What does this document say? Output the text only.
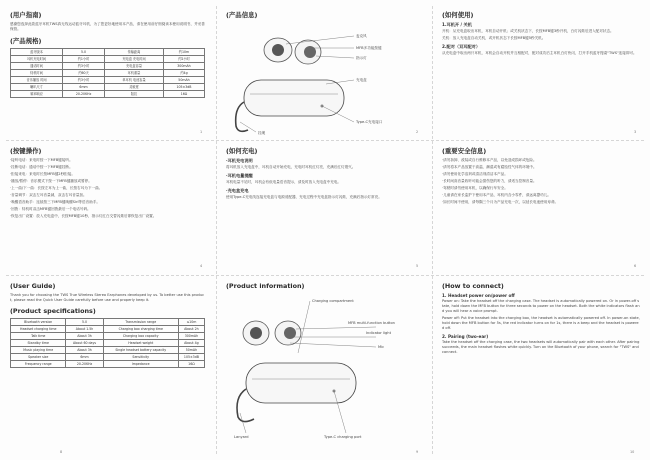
(用户指南)
感谢您选择此款蓝牙耳机TWS真无线运动蓝牙耳机，为了您更好地使用本产品，请在使用前仔细阅读本使用说明书，并妥善保管。
(产品规格)
蓝牙版本	5.0	传输距离	约10m
耳机充电时间	约1小时	充电盒 充电时间	约2小时
通话时间	约3小时	充电盒容量	300mAh
待机时间	约60天	耳机重量	约4g
音乐播放 时间	约3小时	单耳机 电池容量	50mAh
喇叭尺寸	6mm	灵敏度	105±3dB
频率响应	20-20KHz	阻抗	16Ω
1
(产品信息)
麦克风
MFB多功能按键
指示灯
充电盒
Type-C充电接口
挂绳	2
(如何使用)
1.耳机开 / 关机
开机：从充电盒取出耳机，耳机自动开机；或关机状态下，长按MFB键3秒开机，白灯闪烁后进入配对状态。
关机：放入充电盒自动关机，或开机状态下长按MFB键5秒关机。
2.配对（双耳配对）
从充电盒中取出两只耳机，耳机会自动开机并互相配对，配对成功后主耳机白灯快闪，打开手机蓝牙搜索"TWS"连接即可。
3
(按键操作)
·接听电话：来电时按一下MFB键接听。
·挂断电话：通话中按一下MFB键挂断。
·拒接来电：来电时长按MFB键2秒拒接。
·播放/暂停：音乐模式下按一下MFB键播放或暂停。
·上一曲/下一曲：长按左耳为上一曲，长按右耳为下一曲。
·音量调节：双击左耳音量减，双击右耳音量加。
·唤醒语音助手：连续按三下MFB键唤醒Siri等语音助手。
·回拨：待机时双击MFB键回拨最后一个电话号码。
·恢复出厂设置：放入充电盒中，长按MFB键10秒，指示灯红白交替闪烁后即恢复出厂设置。
4
(如何充电)
·耳机充电说明
将耳机放入充电盒中，耳机自动开始充电，充电时耳机红灯亮，充满后红灯熄灭。
·耳机电量提醒
耳机电量不足时，耳机会有低电量语音提示，请及时放入充电盒中充电。
·充电盒充电
使用Type-C充电线连接充电盒与电源适配器，充电过程中充电盒指示灯闪烁，充满后指示灯常亮。
5
(重要安全信息)
·请勿拆卸、改装或自行维修本产品，以免造成损坏或危险。
·请勿将本产品放置于高温、潮湿或有腐蚀性气体的环境中。
·请勿使用化学溶剂或清洁剂清洁本产品。
·长时间高音量收听可能会损伤您的听力，请适当控制音量。
·驾驶时请勿使用耳机，以确保行车安全。
·儿童请在家长监护下使用本产品，耳机内含小零件，请远离婴幼儿。
·如长时间不使用，请每隔三个月为产品充电一次，以延长电池使用寿命。
6
(User Guide)
Thank you for choosing the TWS True Wireless Stereo Earphones developed by us. To better use this product, please read the Quick User Guide carefully before use and properly keep it.
(Product specifications)
Bluetooth version	5.0	Transmission range	≤10m
Headset charging time	About 1.5h	Charging box charging time	About 2h
Talk time	About 3h	Charging box capacity	300mAh
Standby time	About 60 days	Headset weight	About 4g
Music playing time	About 3h	Single headset battery capacity	50mAh
Speaker size	6mm	Sensitivity	105±3dB
Frequency range	20-20KHz	Impedance	16Ω
8
(Product information)
Charging compartment
MFB multi-function button
Indicator light
Mic
Type-C charging port
Lanyard
9
(How to connect)
1. Headset power on/power off
Power on: Take the headset off the charging case. The headset is automatically powered on. Or in power-off state, hold down the MFB button for three seconds to power on the headset. Both the white indicators flash and you will hear a voice prompt.
Power off: Put the headset into the charging box, the headset is automatically powered off. In power-on state, hold down the MFB button for 5s, the red indicator turns on for 1s, there is a beep and the headset is powered off.
2. Pairing (two-ear)
Take the headset off the charging case, the two headsets will automatically pair with each other. After pairing succeeds, the main headset flashes white quickly. Turn on the Bluetooth of your phone, search for "TWS" and connect.
10
